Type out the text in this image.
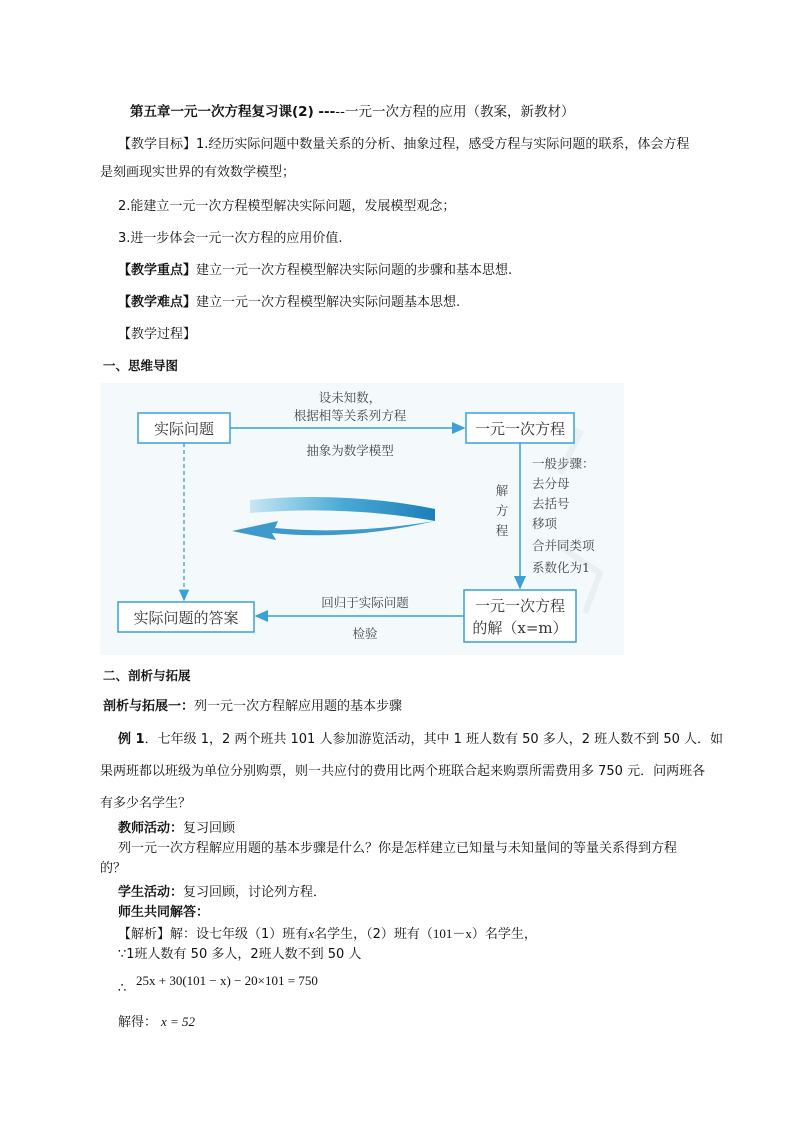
第五章一元一次方程复习课(2) -----一元一次方程的应用（教案，新教材）
【教学目标】1.经历实际问题中数量关系的分析、抽象过程，感受方程与实际问题的联系，体会方程
是刻画现实世界的有效数学模型；
2.能建立一元一次方程模型解决实际问题，发展模型观念；
3.进一步体会一元一次方程的应用价值.
【教学重点】建立一元一次方程模型解决实际问题的步骤和基本思想.
【教学难点】建立一元一次方程模型解决实际问题基本思想.
【教学过程】
一、思维导图
实际问题	一元一次方程
实际问题的答案
一元一次方程
的解（x=m）
设未知数，
根据相等关系列方程
抽象为数学模型
解
方
程
一般步骤：
去分母
去括号
移项
合并同类项
系数化为1
回归于实际问题
检验
二、剖析与拓展
剖析与拓展一：列一元一次方程解应用题的基本步骤
例 1．七年级 1，2 两个班共 101 人参加游览活动，其中 1 班人数有 50 多人，2 班人数不到 50 人．如
果两班都以班级为单位分别购票，则一共应付的费用比两个班联合起来购票所需费用多 750 元．问两班各
有多少名学生？
教师活动：复习回顾
列一元一次方程解应用题的基本步骤是什么？你是怎样建立已知量与未知量间的等量关系得到方程
的？
学生活动：复习回顾，讨论列方程．
师生共同解答：
【解析】解：设七年级（1）班有x名学生，（2）班有（101－x）名学生，
∵1班人数有 50 多人，2班人数不到 50 人
∴
25x + 30(101 − x) − 20×101 = 750
解得： x = 52
